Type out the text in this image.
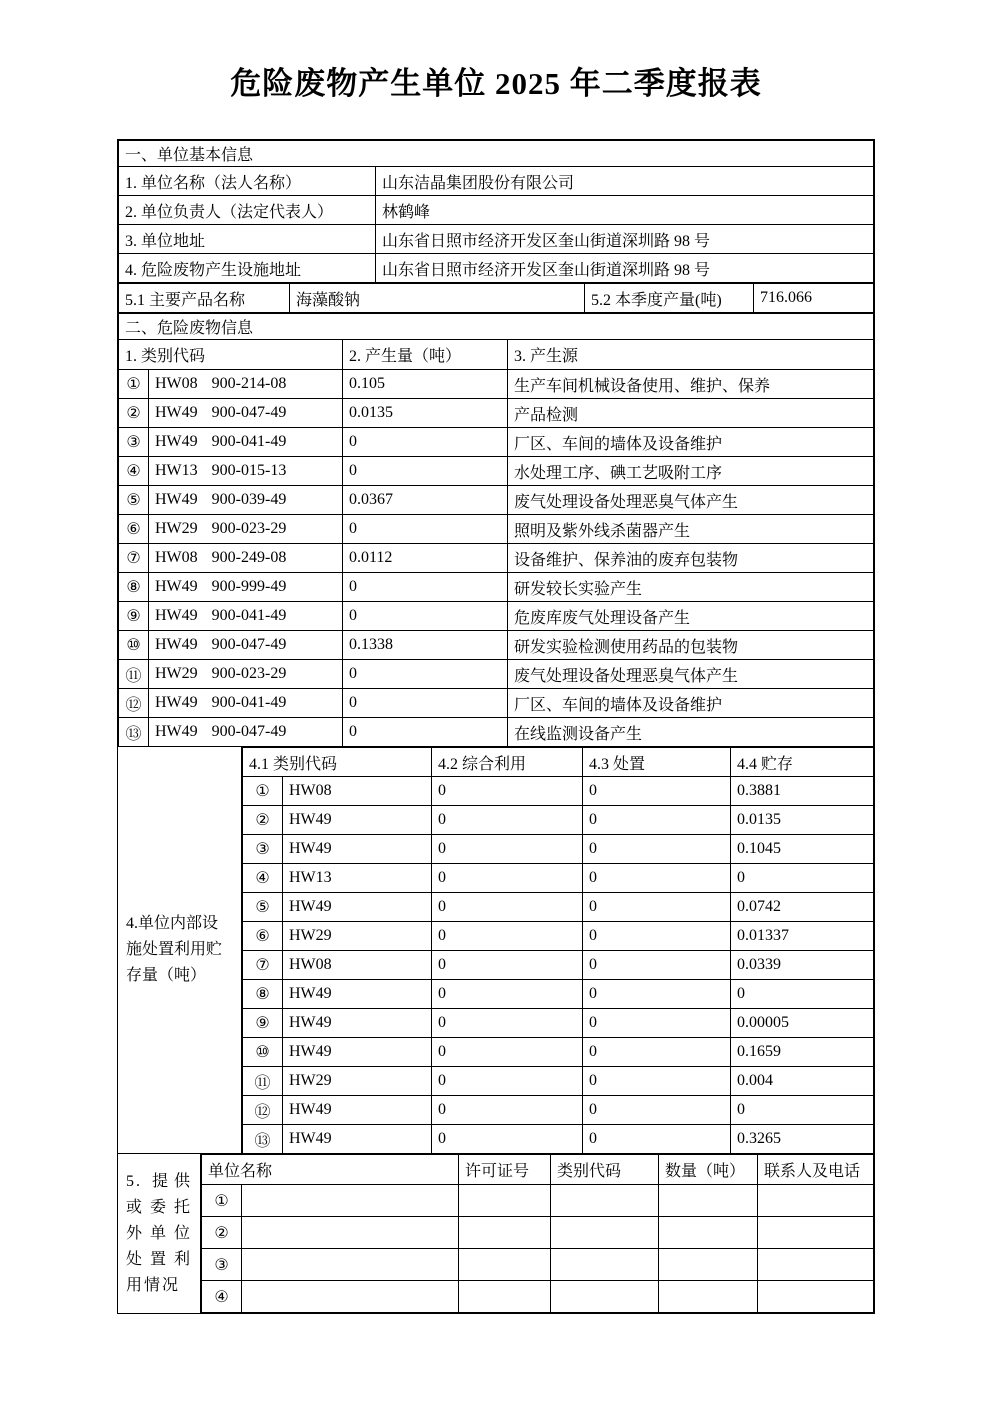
危险废物产生单位 2025 年二季度报表
一、单位基本信息	
1. 单位名称（法人名称）	山东洁晶集团股份有限公司
2. 单位负责人（法定代表人）	林鹤峰
3. 单位地址	山东省日照市经济开发区奎山街道深圳路 98 号
4. 危险废物产生设施地址	山东省日照市经济开发区奎山街道深圳路 98 号
5.1 主要产品名称	海藻酸钠	5.2 本季度产量(吨)	716.066
二、危险废物信息			
1. 类别代码		2. 产生量（吨）	3. 产生源
①	HW08 900-214-08	0.105	生产车间机械设备使用、维护、保养
②	HW49 900-047-49	0.0135	产品检测
③	HW49 900-041-49	0	厂区、车间的墙体及设备维护
④	HW13 900-015-13	0	水处理工序、碘工艺吸附工序
⑤	HW49 900-039-49	0.0367	废气处理设备处理恶臭气体产生
⑥	HW29 900-023-29	0	照明及紫外线杀菌器产生
⑦	HW08 900-249-08	0.0112	设备维护、保养油的废弃包装物
⑧	HW49 900-999-49	0	研发较长实验产生
⑨	HW49 900-041-49	0	危废库废气处理设备产生
⑩	HW49 900-047-49	0.1338	研发实验检测使用药品的包装物
⑪	HW29 900-023-29	0	废气处理设备处理恶臭气体产生
⑫	HW49 900-041-49	0	厂区、车间的墙体及设备维护
⑬	HW49 900-047-49	0	在线监测设备产生
4.单位内部设施处置利用贮存量（吨）
4.1 类别代码		4.2 综合利用	4.3 处置	4.4 贮存
①	HW08	0	0	0.3881
②	HW49	0	0	0.0135
③	HW49	0	0	0.1045
④	HW13	0	0	0
⑤	HW49	0	0	0.0742
⑥	HW29	0	0	0.01337
⑦	HW08	0	0	0.0339
⑧	HW49	0	0	0
⑨	HW49	0	0	0.00005
⑩	HW49	0	0	0.1659
⑪	HW29	0	0	0.004
⑫	HW49	0	0	0
⑬	HW49	0	0	0.3265
5. 提供或委托外单位处置利用情况
单位名称		许可证号	类别代码	数量（吨）	联系人及电话
①					
②					
③					
④					
